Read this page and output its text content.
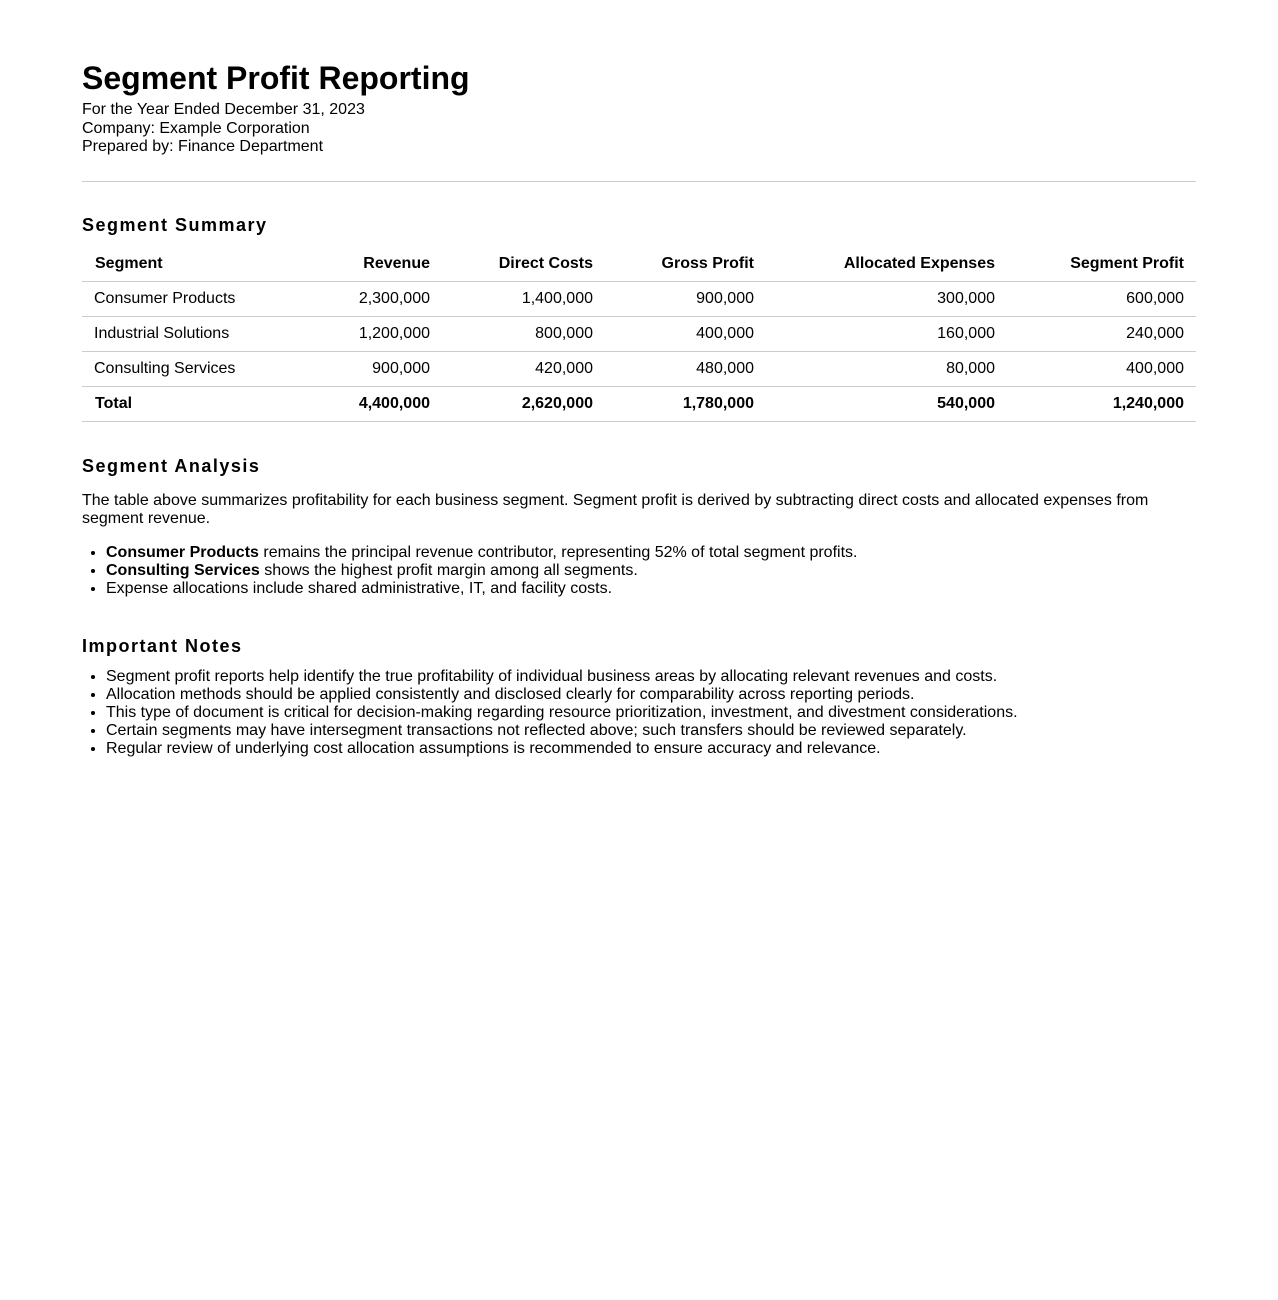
Segment Profit Reporting
For the Year Ended December 31, 2023
Company: Example Corporation
Prepared by: Finance Department
Segment Summary
Segment	Revenue	Direct Costs	Gross Profit	Allocated Expenses	Segment Profit
Consumer Products	2,300,000	1,400,000	900,000	300,000	600,000
Industrial Solutions	1,200,000	800,000	400,000	160,000	240,000
Consulting Services	900,000	420,000	480,000	80,000	400,000
Total	4,400,000	2,620,000	1,780,000	540,000	1,240,000
Segment Analysis

The table above summarizes profitability for each business segment. Segment profit is derived by subtracting direct costs and allocated expenses from segment revenue.

• Consumer Products remains the principal revenue contributor, representing 52% of total segment profits.
• Consulting Services shows the highest profit margin among all segments.
• Expense allocations include shared administrative, IT, and facility costs.
Important Notes
• Segment profit reports help identify the true profitability of individual business areas by allocating relevant revenues and costs.
• Allocation methods should be applied consistently and disclosed clearly for comparability across reporting periods.
• This type of document is critical for decision-making regarding resource prioritization, investment, and divestment considerations.
• Certain segments may have intersegment transactions not reflected above; such transfers should be reviewed separately.
• Regular review of underlying cost allocation assumptions is recommended to ensure accuracy and relevance.
